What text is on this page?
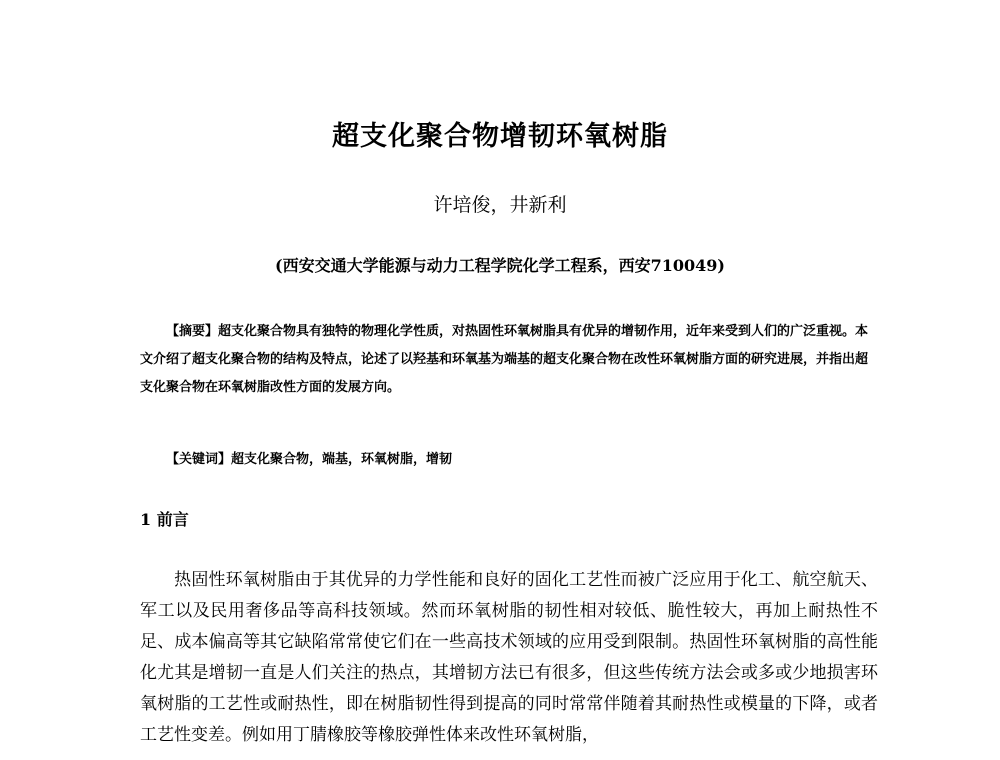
超支化聚合物增韧环氧树脂

许培俊，井新利

(西安交通大学能源与动力工程学院化学工程系，西安710049)

【摘要】超支化聚合物具有独特的物理化学性质，对热固性环氧树脂具有优异的增韧作用，近年来受到人们的广泛重视。本文介绍了超支化聚合物的结构及特点，论述了以羟基和环氧基为端基的超支化聚合物在改性环氧树脂方面的研究进展，并指出超支化聚合物在环氧树脂改性方面的发展方向。

【关键词】超支化聚合物，端基，环氧树脂，增韧

1 前言

热固性环氧树脂由于其优异的力学性能和良好的固化工艺性而被广泛应用于化工、航空航天、军工以及民用奢侈品等高科技领域。然而环氧树脂的韧性相对较低、脆性较大，再加上耐热性不足、成本偏高等其它缺陷常常使它们在一些高技术领域的应用受到限制。热固性环氧树脂的高性能化尤其是增韧一直是人们关注的热点，其增韧方法已有很多，但这些传统方法会或多或少地损害环氧树脂的工艺性或耐热性，即在树脂韧性得到提高的同时常常伴随着其耐热性或模量的下降，或者工艺性变差。例如用丁腈橡胶等橡胶弹性体来改性环氧树脂，
